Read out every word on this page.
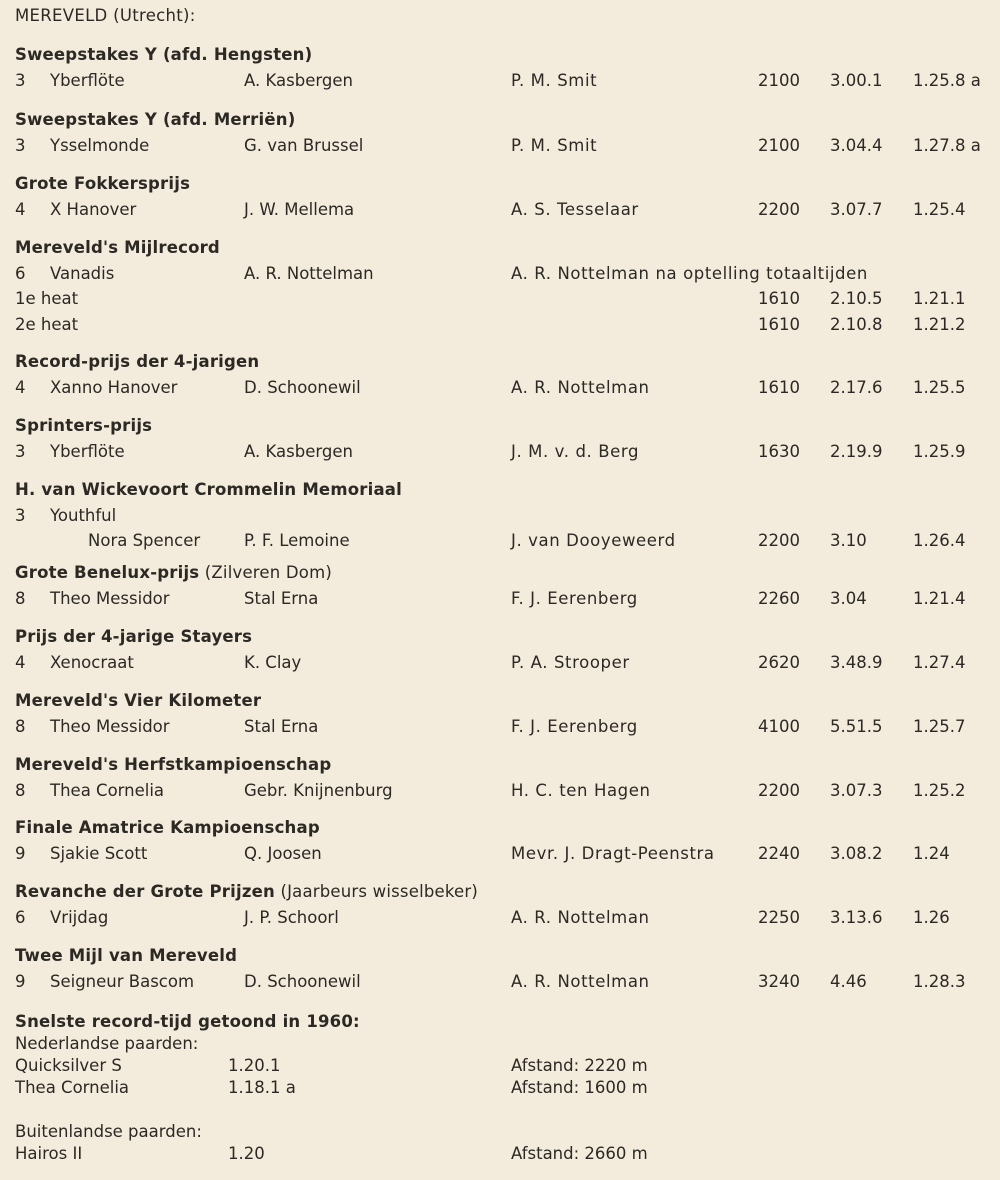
MEREVELD (Utrecht):
Sweepstakes Y (afd. Hengsten)
3 Yberflöte	A. Kasbergen	P. M. Smit	2100 3.00.1 1.25.8 a
Sweepstakes Y (afd. Merriën)
3 Ysselmonde	G. van Brussel	P. M. Smit	2100 3.04.4 1.27.8 a
Grote Fokkersprijs
4 X Hanover	J. W. Mellema	A. S. Tesselaar	2200 3.07.7 1.25.4
Mereveld's Mijlrecord
6 Vanadis	A. R. Nottelman	A. R. Nottelman na optelling totaaltijden
1e heat	1610 2.10.5 1.21.1
2e heat	1610 2.10.8 1.21.2
Record-prijs der 4-jarigen
4 Xanno Hanover	D. Schoonewil	A. R. Nottelman	1610 2.17.6 1.25.5
Sprinters-prijs
3 Yberflöte	A. Kasbergen	J. M. v. d. Berg	1630 2.19.9 1.25.9
H. van Wickevoort Crommelin Memoriaal
3 Youthful
Nora Spencer	P. F. Lemoine	J. van Dooyeweerd	2200 3.10	1.26.4
Grote Benelux-prijs (Zilveren Dom)
8 Theo Messidor	Stal Erna	F. J. Eerenberg	2260 3.04	1.21.4
Prijs der 4-jarige Stayers
4 Xenocraat	K. Clay	P. A. Strooper	2620 3.48.9 1.27.4
Mereveld's Vier Kilometer
8 Theo Messidor	Stal Erna	F. J. Eerenberg	4100 5.51.5 1.25.7
Mereveld's Herfstkampioenschap
8 Thea Cornelia	Gebr. Knijnenburg	H. C. ten Hagen	2200 3.07.3 1.25.2
Finale Amatrice Kampioenschap
9 Sjakie Scott	Q. Joosen	Mevr. J. Dragt-Peenstra	2240 3.08.2 1.24
Revanche der Grote Prijzen (Jaarbeurs wisselbeker)
6 Vrijdag	J. P. Schoorl	A. R. Nottelman	2250 3.13.6 1.26
Twee Mijl van Mereveld
9 Seigneur Bascom	D. Schoonewil	A. R. Nottelman	3240 4.46	1.28.3
Snelste record-tijd getoond in 1960:
Nederlandse paarden:
Quicksilver S	1.20.1	Afstand: 2220 m
Thea Cornelia	1.18.1 a	Afstand: 1600 m
Buitenlandse paarden:
Hairos II	1.20	Afstand: 2660 m
